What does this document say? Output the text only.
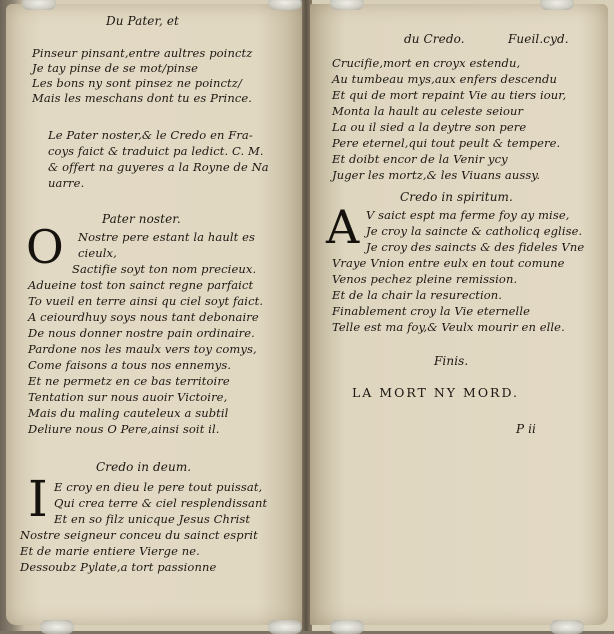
Du Pater, et
Pinseur pinsant,entre aultres poinctz
Je tay pinse de se mot/pinse
Les bons ny sont pinsez ne poinctz/
Mais les meschans dont tu es Prince.
Le Pater noster,& le Credo en Fra-
coys faict & traduict pa ledict. C. M.
& offert na guyeres a la Royne de Na
uarre.
Pater noster.
O Nostre pere estant la hault es
cieulx,
Sactifie soyt ton nom precieux.
Adueine tost ton sainct regne parfaict
To vueil en terre ainsi qu ciel soyt faict.
A ceiourdhuy soys nous tant debonaire
De nous donner nostre pain ordinaire.
Pardone nos les maulx vers toy comys,
Come faisons a tous nos ennemys.
Et ne permetz en ce bas territoire
Tentation sur nous auoir Victoire,
Mais du maling cauteleux a subtil
Deliure nous O Pere,ainsi soit il.
Credo in deum.
I E croy en dieu le pere tout puissat,
Qui crea terre & ciel resplendissant
Et en so filz unicque Jesus Christ
Nostre seigneur conceu du sainct esprit
Et de marie entiere Vierge ne.
Dessoubz Pylate,a tort passionne
du Credo.	Fueil.cyd.
Crucifie,mort en croyx estendu,
Au tumbeau mys,aux enfers descendu
Et qui de mort repaint Vie au tiers iour,
Monta la hault au celeste seiour
La ou il sied a la deytre son pere
Pere eternel,qui tout peult & tempere.
Et doibt encor de la Venir ycy
Juger les mortz,& les Viuans aussy.
Credo in spiritum.
A V saict espt ma ferme foy ay mise,
Je croy la saincte & catholicq eglise.
Je croy des saincts & des fideles Vne
Vraye Vnion entre eulx en tout comune
Venos pechez pleine remission.
Et de la chair la resurection.
Finablement croy la Vie eternelle
Telle est ma foy,& Veulx mourir en elle.
Finis.
LA MORT NY MORD.
P ii
